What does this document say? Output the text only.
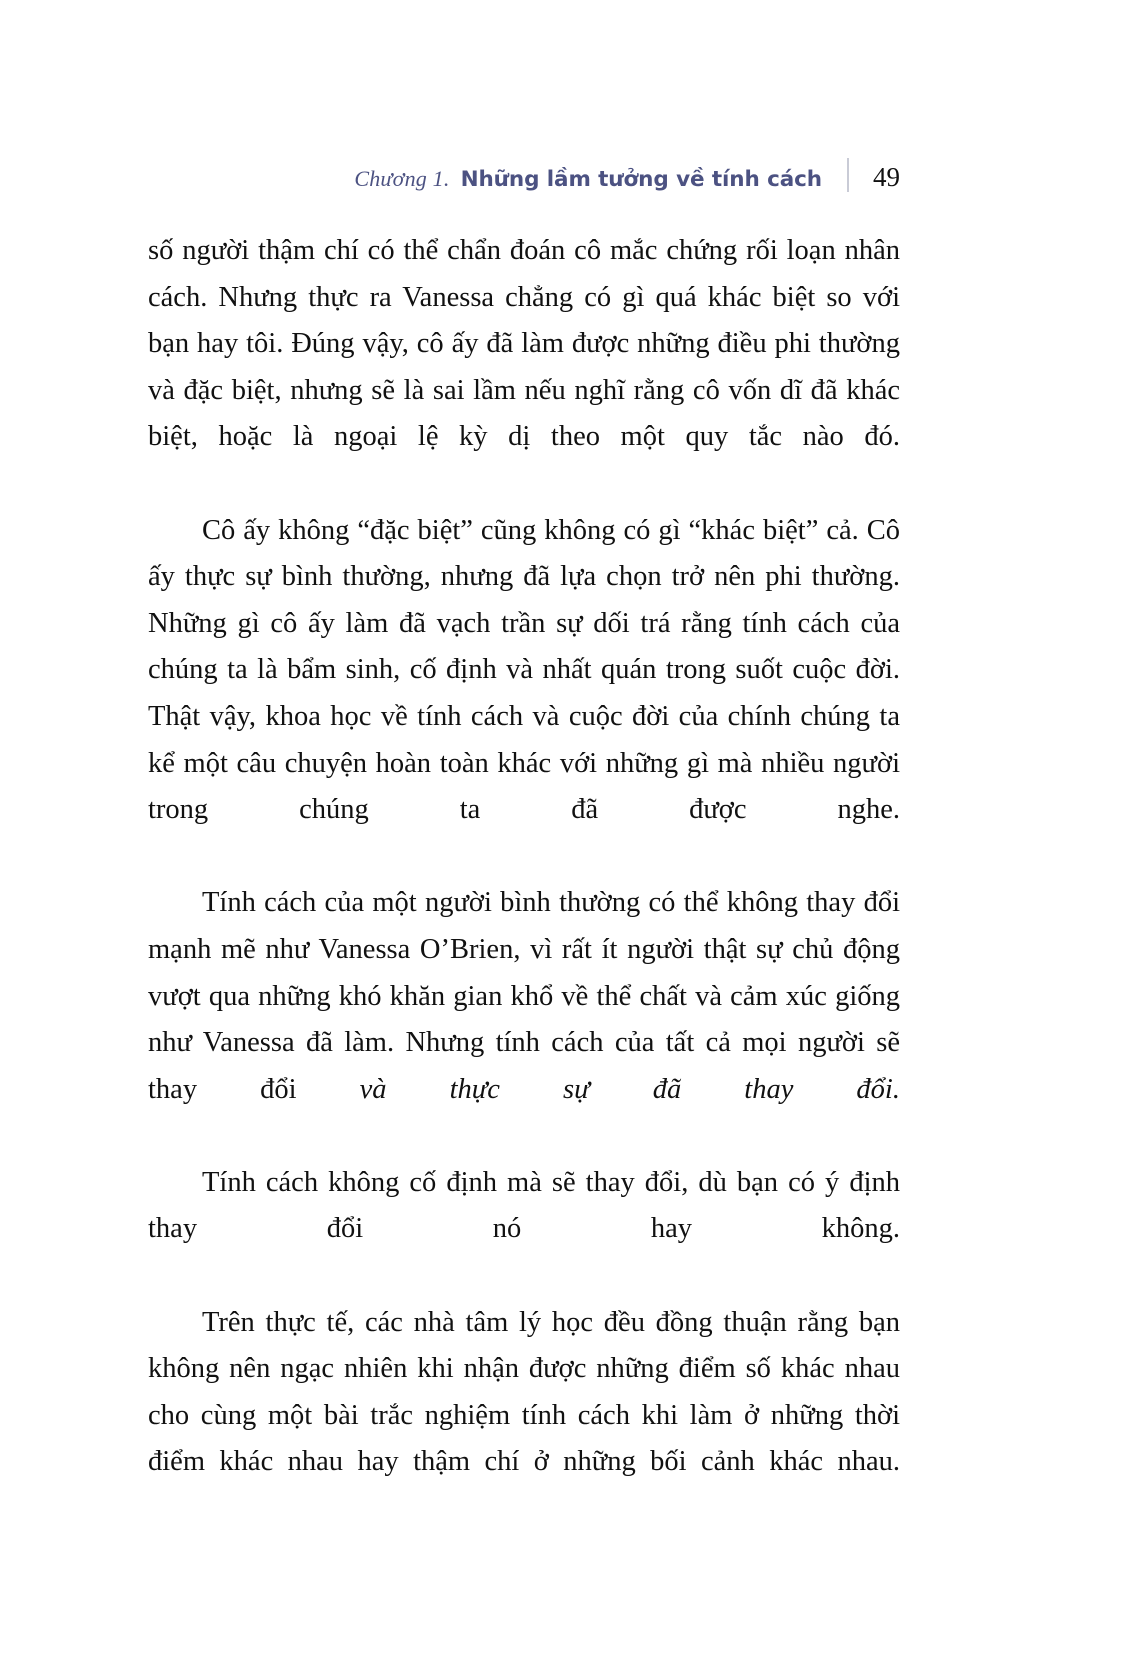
Chương 1. Những lầm tưởng về tính cách 49

số người thậm chí có thể chẩn đoán cô mắc chứng rối loạn nhân cách. Nhưng thực ra Vanessa chẳng có gì quá khác biệt so với bạn hay tôi. Đúng vậy, cô ấy đã làm được những điều phi thường và đặc biệt, nhưng sẽ là sai lầm nếu nghĩ rằng cô vốn dĩ đã khác biệt, hoặc là ngoại lệ kỳ dị theo một quy tắc nào đó.

Cô ấy không “đặc biệt” cũng không có gì “khác biệt” cả. Cô ấy thực sự bình thường, nhưng đã lựa chọn trở nên phi thường. Những gì cô ấy làm đã vạch trần sự dối trá rằng tính cách của chúng ta là bẩm sinh, cố định và nhất quán trong suốt cuộc đời. Thật vậy, khoa học về tính cách và cuộc đời của chính chúng ta kể một câu chuyện hoàn toàn khác với những gì mà nhiều người trong chúng ta đã được nghe.

Tính cách của một người bình thường có thể không thay đổi mạnh mẽ như Vanessa O’Brien, vì rất ít người thật sự chủ động vượt qua những khó khăn gian khổ về thể chất và cảm xúc giống như Vanessa đã làm. Nhưng tính cách của tất cả mọi người sẽ thay đổi và thực sự đã thay đổi.

Tính cách không cố định mà sẽ thay đổi, dù bạn có ý định thay đổi nó hay không.

Trên thực tế, các nhà tâm lý học đều đồng thuận rằng bạn không nên ngạc nhiên khi nhận được những điểm số khác nhau cho cùng một bài trắc nghiệm tính cách khi làm ở những thời điểm khác nhau hay thậm chí ở những bối cảnh khác nhau.
